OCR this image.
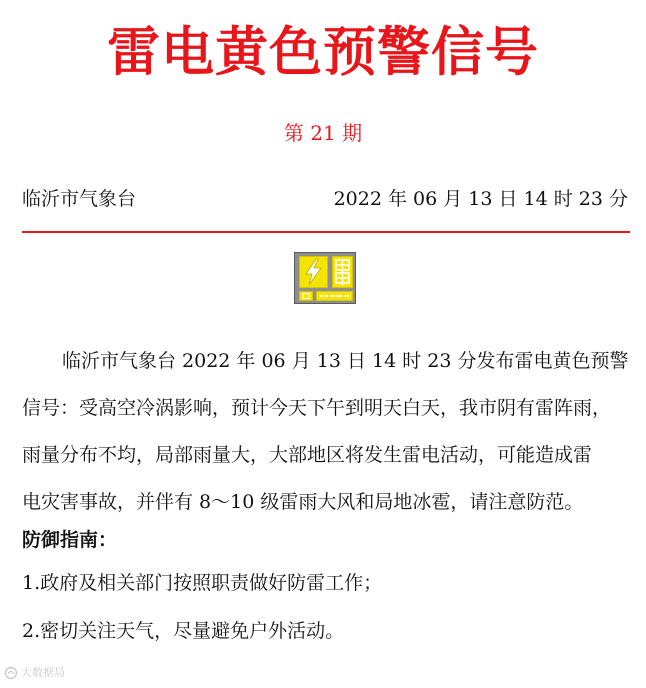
雷电黄色预警信号
第 21 期
临沂市气象台	2022 年 06 月 13 日 14 时 23 分

临沂市气象台 2022 年 06 月 13 日 14 时 23 分发布雷电黄色预警
信号：受高空冷涡影响，预计今天下午到明天白天，我市阴有雷阵雨，
雨量分布不均，局部雨量大，大部地区将发生雷电活动，可能造成雷
电灾害事故，并伴有 8～10 级雷雨大风和局地冰雹，请注意防范。

防御指南：
1.政府及相关部门按照职责做好防雷工作；
2.密切关注天气，尽量避免户外活动。
大数据局
